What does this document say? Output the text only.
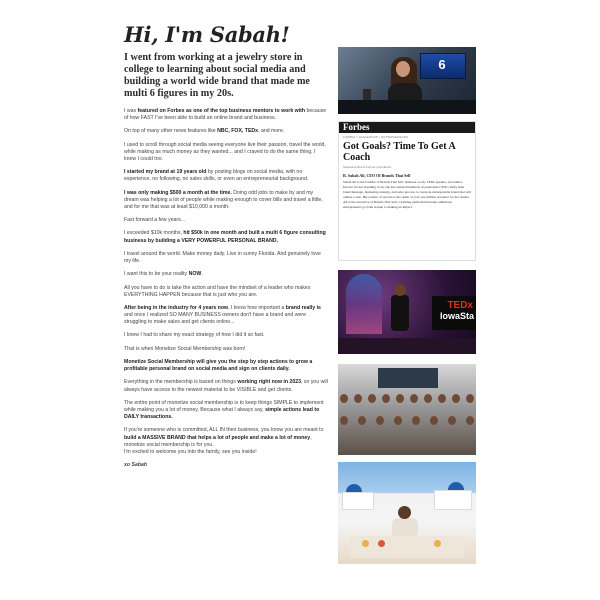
Hi, I'm Sabah!

I went from working at a jewelry store in college to learning about social media and building a world wide brand that made me multi 6 figures in my 20s.

I was featured on Forbes as one of the top business mentors to work with because of how FAST I've been able to build an online brand and business.

On top of many other news features like NBC, FOX, TEDx, and more.

I used to scroll through social media seeing everyone live their passion, travel the world, while making as much money as they wanted... and I craved to do the same thing. I knew I could too.

I started my brand at 19 years old by posting blogs on social media, with no experience, no following, no sales skills, or even an entrepreneurial background.

I was only making $500 a month at the time. Doing odd jobs to make by and my dream was helping a lot of people while making enough to cover bills and travel a little, and for me that was at least $10,000 a month.

Fast forward a few years...

I exceeded $10k months, hit $50k in one month and built a multi 6 figure consulting business by building a VERY POWERFUL PERSONAL BRAND.

I travel around the world. Make money daily. Live in sunny Florida. And genuinely love my life.

I want this to be your reality NOW.

All you have to do is take the action and have the mindset of a leader who makes EVERYTHING HAPPEN because that is just who you are.

After being in the industry for 4 years now, I know how important a brand really is and once I realized SO MANY BUSINESS owners don't have a brand and were struggling to make sales and get clients online...

I knew I had to share my exact strategy of how I did it so fast.

That is when Monetize Social Membership was born!

Monetize Social Membership will give you the step by step actions to grow a profitable personal brand on social media and sign on clients daily.

Everything in the membership is based on things working right now in 2023, so you will always have access to the newest material to be VISIBLE and get clients.

The entire point of monetize social membership is to keep things SIMPLE to implement while making you a lot of money. Because what I always say, simple actions lead to DAILY transactions.

If you're someone who is committed, ALL IN their business, you know you are meant to build a MASSIVE BRAND that helps a lot of people and make a lot of money, monetize social membership is for you.
I'm excited to welcome you into the family, see you inside!

xo Sabah

6
Forbes
FORBES > LEADERSHIP > ENTREPRENEURS
Got Goals? Time To Get A Coach
Stephanie Burns Former Contributor
R. Sabah Ali, CEO Of Brands That Sell
Sabah Ali is the founder of Brands That Sell, business coach, TEDx speaker, and author. Known for her branding work, she has assisted hundreds of passionate CEOs clarify their brand message, marketing strategy, and sales process to create an unforgettable brand that will outline a sale. Her pattern of success is the result of over one million revenues for her clients. Ali is the executive of Brands That Sell, a training platform that helps ambitious entrepreneurs go from startup to making an impact.
TEDx
IowaSta
